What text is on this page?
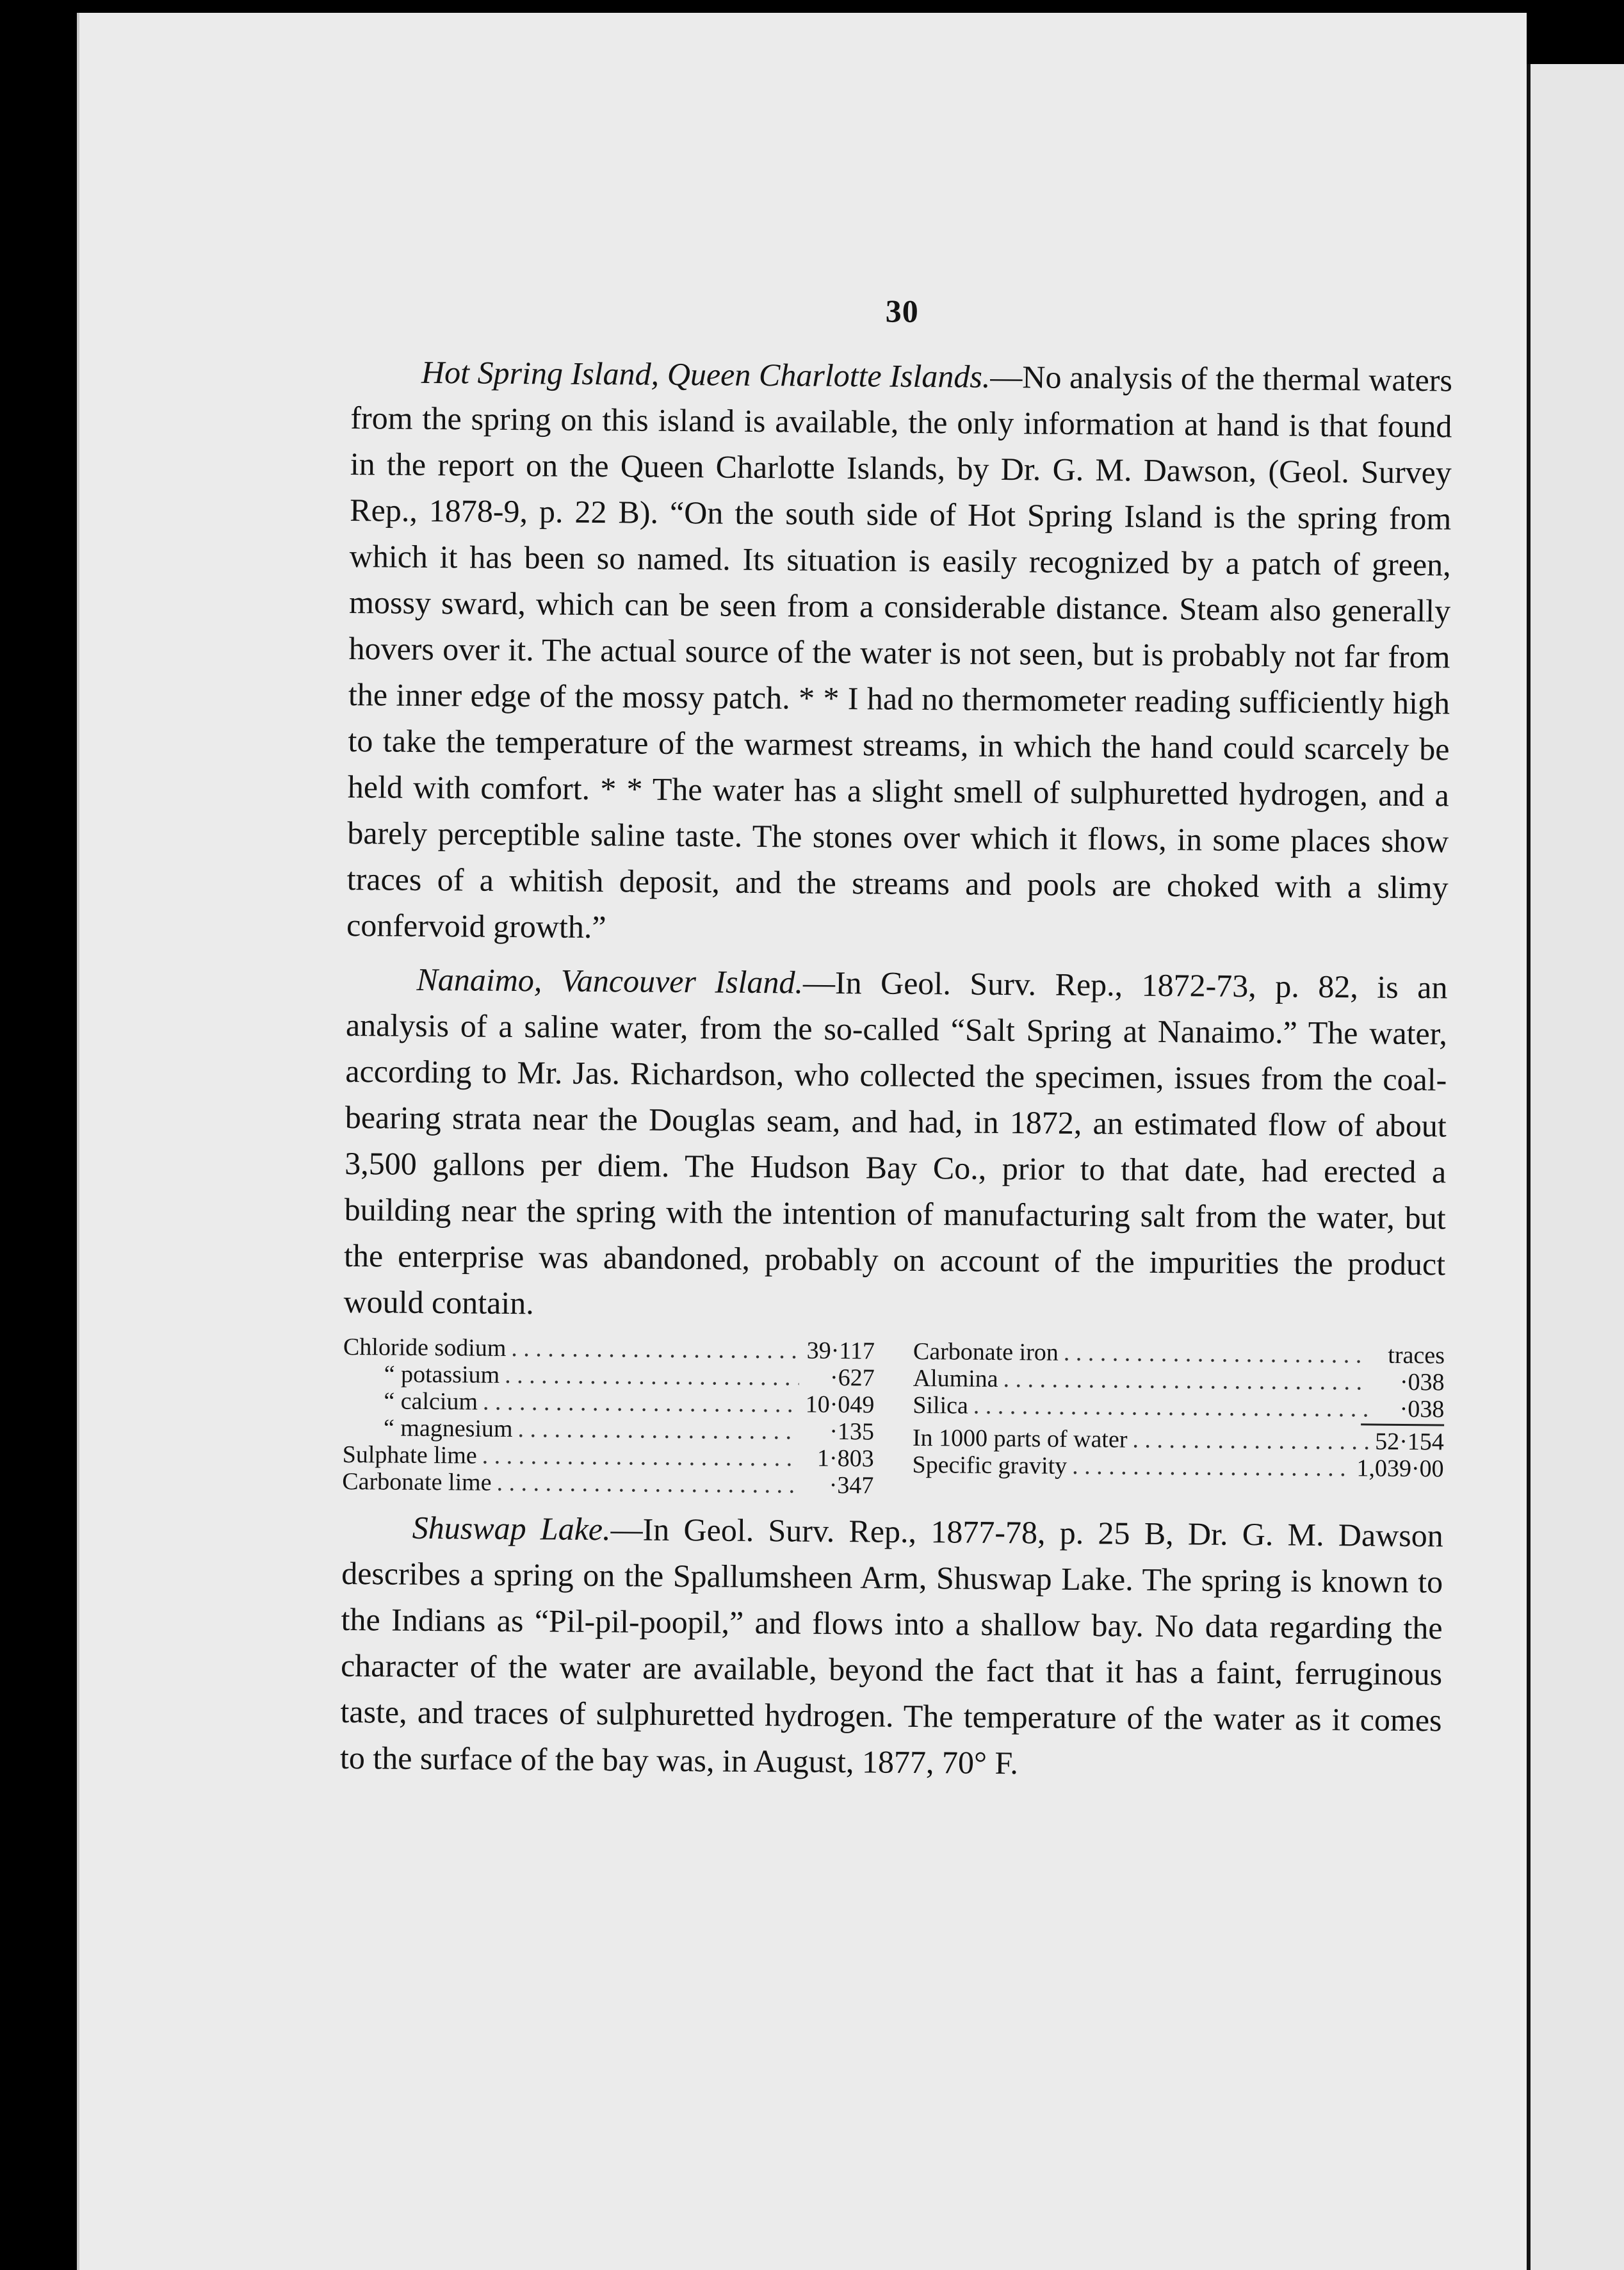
30

Hot Spring Island, Queen Charlotte Islands.—No analysis of the thermal waters from the spring on this island is available, the only information at hand is that found in the report on the Queen Charlotte Islands, by Dr. G. M. Dawson, (Geol. Survey Rep., 1878-9, p. 22 B). “On the south side of Hot Spring Island is the spring from which it has been so named. Its situation is easily recognized by a patch of green, mossy sward, which can be seen from a considerable distance. Steam also generally hovers over it. The actual source of the water is not seen, but is probably not far from the inner edge of the mossy patch. * * I had no thermometer reading sufficiently high to take the temperature of the warmest streams, in which the hand could scarcely be held with comfort. * * The water has a slight smell of sulphuretted hydrogen, and a barely perceptible saline taste. The stones over which it flows, in some places show traces of a whitish deposit, and the streams and pools are choked with a slimy confervoid growth.”

Nanaimo, Vancouver Island.—In Geol. Surv. Rep., 1872-73, p. 82, is an analysis of a saline water, from the so-called “Salt Spring at Nanaimo.” The water, according to Mr. Jas. Richardson, who collected the specimen, issues from the coal-bearing strata near the Douglas seam, and had, in 1872, an estimated flow of about 3,500 gallons per diem. The Hudson Bay Co., prior to that date, had erected a building near the spring with the intention of manufacturing salt from the water, but the enterprise was abandoned, probably on account of the impurities the product would contain.

Chloride sodium . . .	39·117
“ potassium . . .	·627
“ calcium . . .	10·049
“ magnesium . . .	·135
Sulphate lime . . .	1·803
Carbonate lime . . .	·347
Carbonate iron . . .	traces
Alumina . . .	·038
Silica . . .	·038
In 1000 parts of water . . .	52·154
Specific gravity . . .	1,039·00

Shuswap Lake.—In Geol. Surv. Rep., 1877-78, p. 25 B, Dr. G. M. Dawson describes a spring on the Spallumsheen Arm, Shuswap Lake. The spring is known to the Indians as “Pil-pil-poopil,” and flows into a shallow bay. No data regarding the character of the water are available, beyond the fact that it has a faint, ferruginous taste, and traces of sulphuretted hydrogen. The temperature of the water as it comes to the surface of the bay was, in August, 1877, 70° F.
